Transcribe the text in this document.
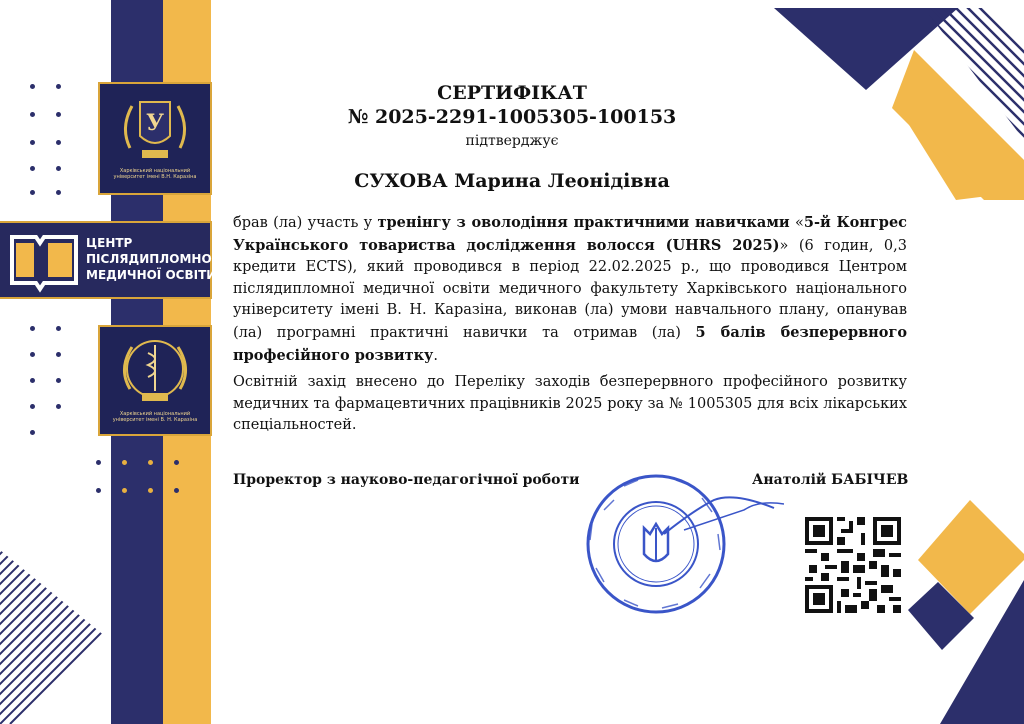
У
Харківський національний університет імені В.Н. Каразіна
ЦЕНТР
ПІСЛЯДИПЛОМНОЇ
МЕДИЧНОЇ ОСВІТИ
Харківський національний університет імені В. Н. Каразіна
СЕРТИФІКАТ
№ 2025-2291-1005305-100153
підтверджує
СУХОВА Марина Леонідівна
брав (ла) участь у тренінгу з оволодіння практичними навичками «5-й Конгрес Українського товариства дослідження волосся (UHRS 2025)» (6 годин, 0,3 кредити ECTS), який проводився в період 22.02.2025 р., що проводився Центром післядипломної медичної освіти медичного факультету Харківського національного університету імені В. Н. Каразіна, виконав (ла) умови навчального плану, опанував (ла) програмні практичні навички та отримав (ла) 5 балів безперервного професійного розвитку.
Освітній захід внесено до Переліку заходів безперервного професійного розвитку медичних та фармацевтичних працівників 2025 року за № 1005305 для всіх лікарських спеціальностей.
Проректор з науково-педагогічної роботи	Анатолій БАБІЧЕВ
